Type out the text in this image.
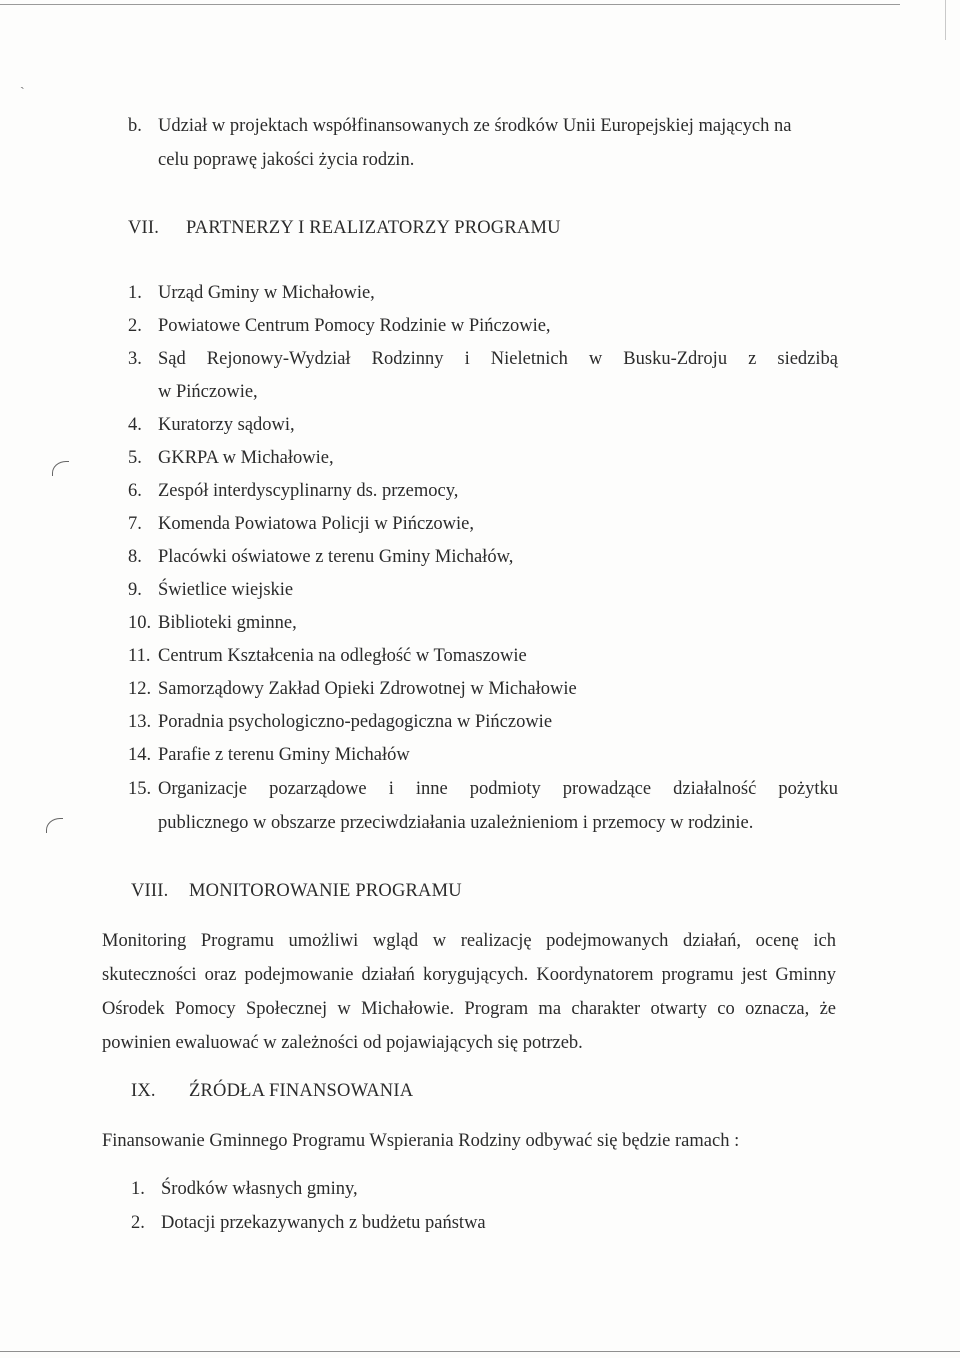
ˏ
b. Udział w projektach współfinansowanych ze środków Unii Europejskiej mających na
celu poprawę jakości życia rodzin.
VII. PARTNERZY I REALIZATORZY PROGRAMU
1. Urząd Gminy w Michałowie,
2. Powiatowe Centrum Pomocy Rodzinie w Pińczowie,
3. Sąd Rejonowy-Wydział Rodzinny i Nieletnich w Busku-Zdroju z siedzibą
w Pińczowie,
4. Kuratorzy sądowi,
5. GKRPA w Michałowie,
6. Zespół interdyscyplinarny ds. przemocy,
7. Komenda Powiatowa Policji w Pińczowie,
8. Placówki oświatowe z terenu Gminy Michałów,
9. Świetlice wiejskie
10. Biblioteki gminne,
11. Centrum Kształcenia na odległość w Tomaszowie
12. Samorządowy Zakład Opieki Zdrowotnej w Michałowie
13. Poradnia psychologiczno-pedagogiczna w Pińczowie
14. Parafie z terenu Gminy Michałów
15. Organizacje pozarządowe i inne podmioty prowadzące działalność pożytku
publicznego w obszarze przeciwdziałania uzależnieniom i przemocy w rodzinie.
VIII. MONITOROWANIE PROGRAMU
Monitoring Programu umożliwi wgląd w realizację podejmowanych działań, ocenę ich skuteczności oraz podejmowanie działań korygujących. Koordynatorem programu jest Gminny Ośrodek Pomocy Społecznej w Michałowie. Program ma charakter otwarty co oznacza, że powinien ewaluować w zależności od pojawiających się potrzeb.
IX. ŹRÓDŁA FINANSOWANIA
Finansowanie Gminnego Programu Wspierania Rodziny odbywać się będzie ramach :
1. Środków własnych gminy,
2. Dotacji przekazywanych z budżetu państwa
